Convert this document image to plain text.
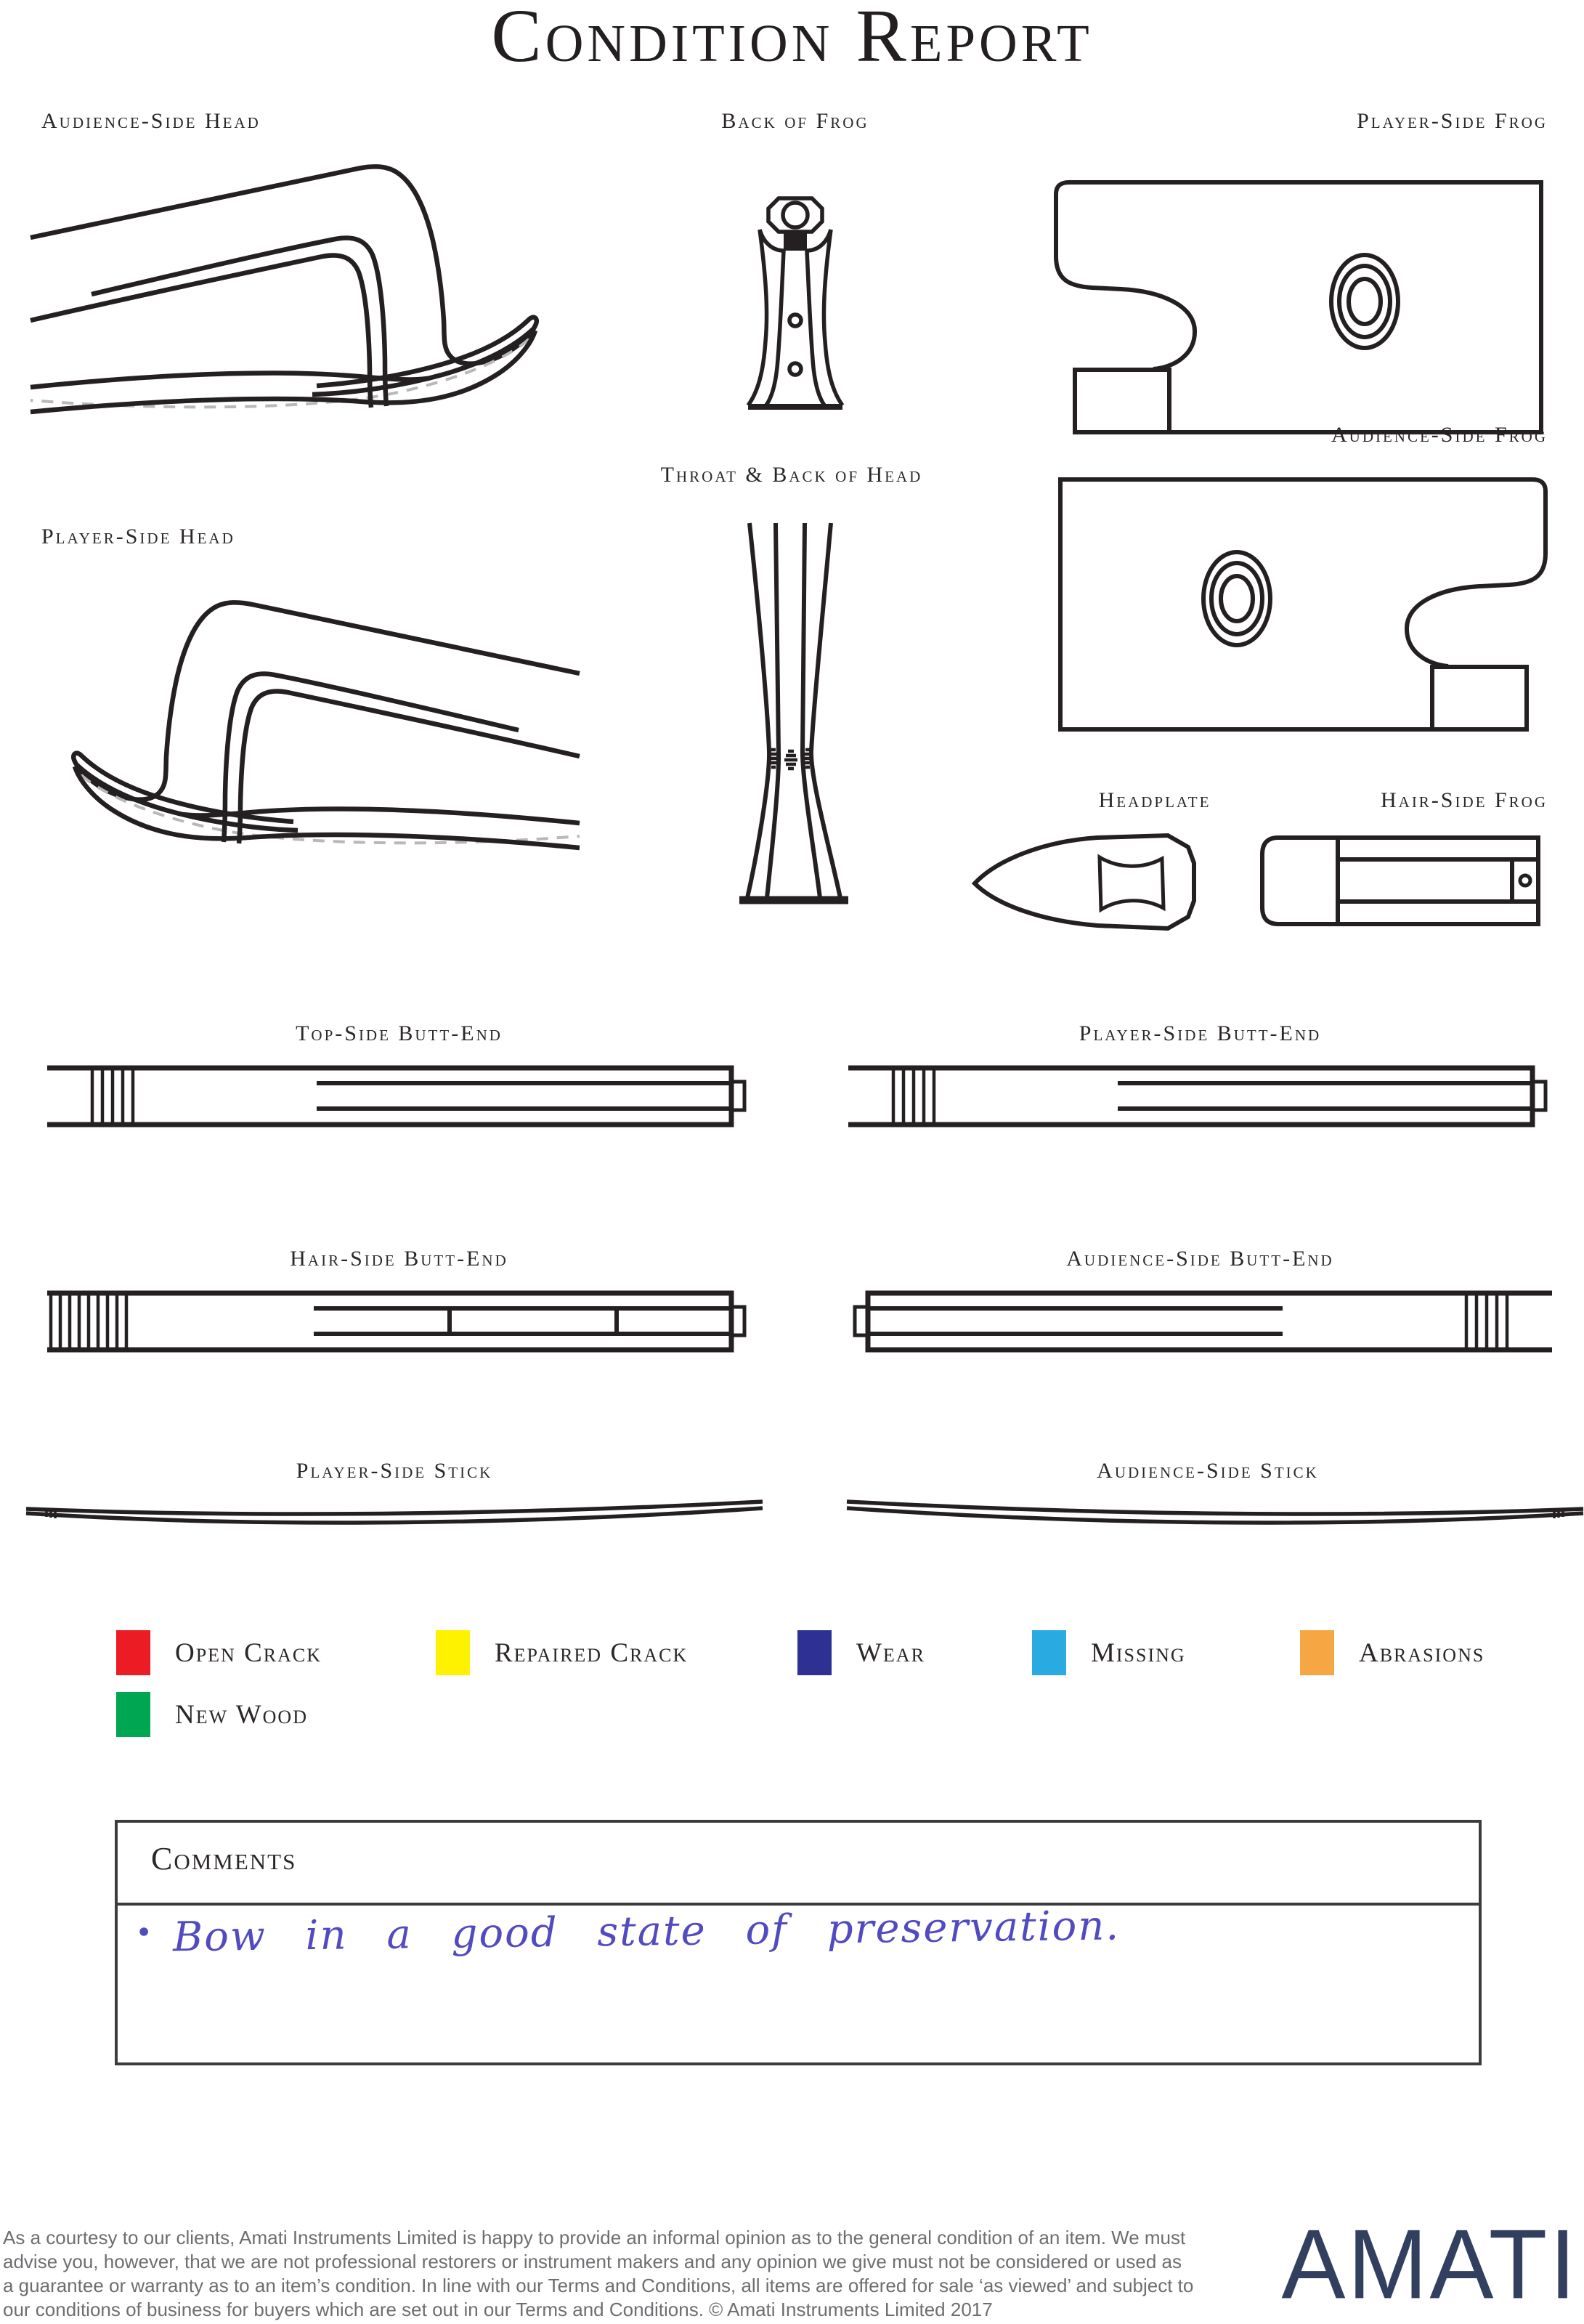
Condition Report
Audience-Side Head	Back of Frog	Player-Side Frog
Audience-Side Frog
Throat & Back of Head
Player-Side Head
Headplate	Hair-Side Frog
Top-Side Butt-End	Player-Side Butt-End
Hair-Side Butt-End	Audience-Side Butt-End
Player-Side Stick	Audience-Side Stick
Open Crack	Repaired Crack	Wear	Missing	Abrasions
New Wood
Comments
• Bow in a good state of preservation.
As a courtesy to our clients, Amati Instruments Limited is happy to provide an informal opinion as to the general condition of an item. We must
advise you, however, that we are not professional restorers or instrument makers and any opinion we give must not be considered or used as
a guarantee or warranty as to an item’s condition. In line with our Terms and Conditions, all items are offered for sale ‘as viewed’ and subject to
our conditions of business for buyers which are set out in our Terms and Conditions. © Amati Instruments Limited 2017	AMATI
